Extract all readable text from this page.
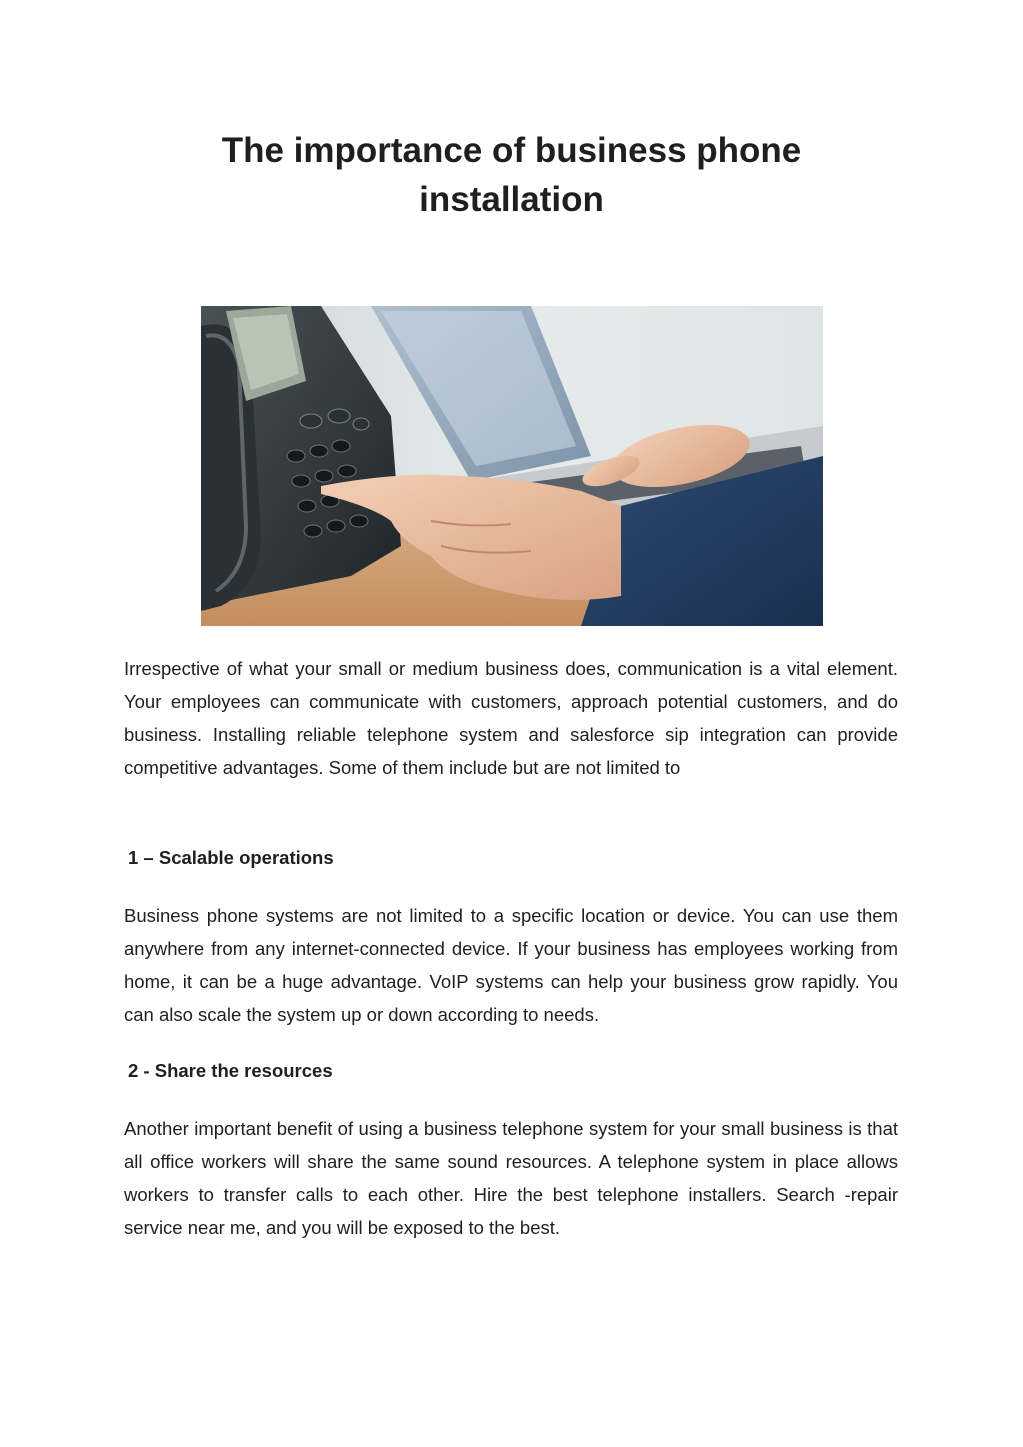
The importance of business phone installation

Irrespective of what your small or medium business does, communication is a vital element. Your employees can communicate with customers, approach potential customers, and do business. Installing reliable telephone system and salesforce sip integration can provide competitive advantages. Some of them include but are not limited to

1 – Scalable operations

Business phone systems are not limited to a specific location or device. You can use them anywhere from any internet-connected device. If your business has employees working from home, it can be a huge advantage. VoIP systems can help your business grow rapidly. You can also scale the system up or down according to needs.

2 - Share the resources

Another important benefit of using a business telephone system for your small business is that all office workers will share the same sound resources. A telephone system in place allows workers to transfer calls to each other. Hire the best telephone installers. Search -repair service near me, and you will be exposed to the best.
